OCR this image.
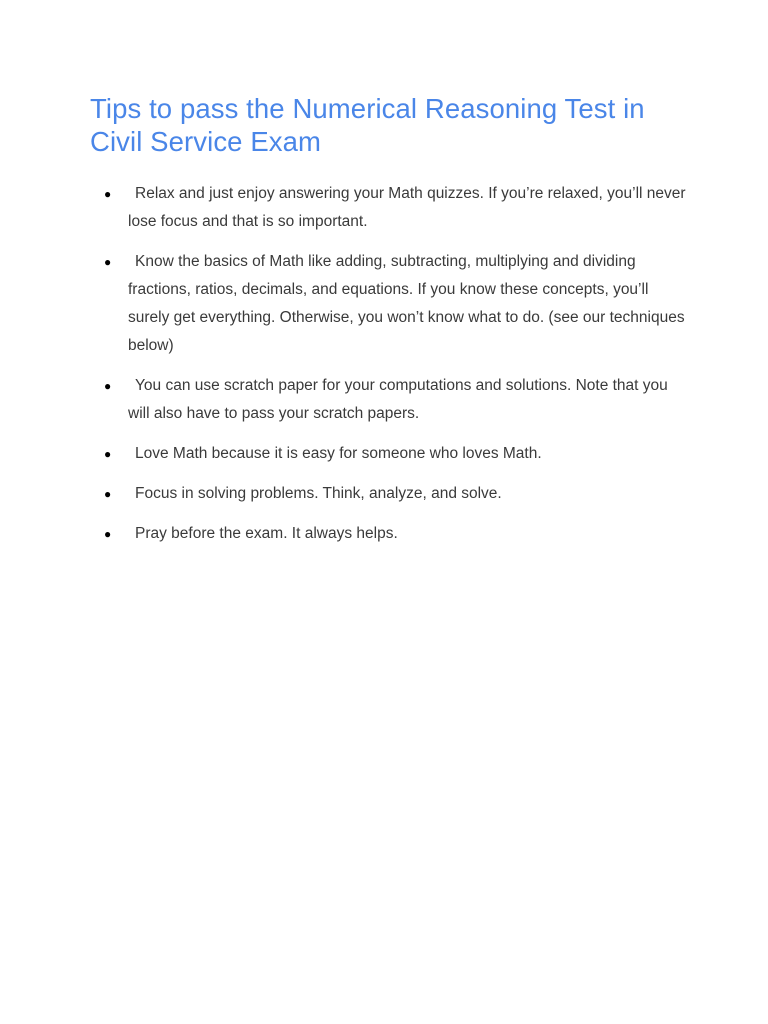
Tips to pass the Numerical Reasoning Test in Civil Service Exam
●	Relax and just enjoy answering your Math quizzes. If you’re relaxed, you’ll never lose focus and that is so important.
●	Know the basics of Math like adding, subtracting, multiplying and dividing fractions, ratios, decimals, and equations. If you know these concepts, you’ll surely get everything. Otherwise, you won’t know what to do. (see our techniques below)
●	You can use scratch paper for your computations and solutions. Note that you will also have to pass your scratch papers.
●	Love Math because it is easy for someone who loves Math.
●	Focus in solving problems. Think, analyze, and solve.
●	Pray before the exam. It always helps.
